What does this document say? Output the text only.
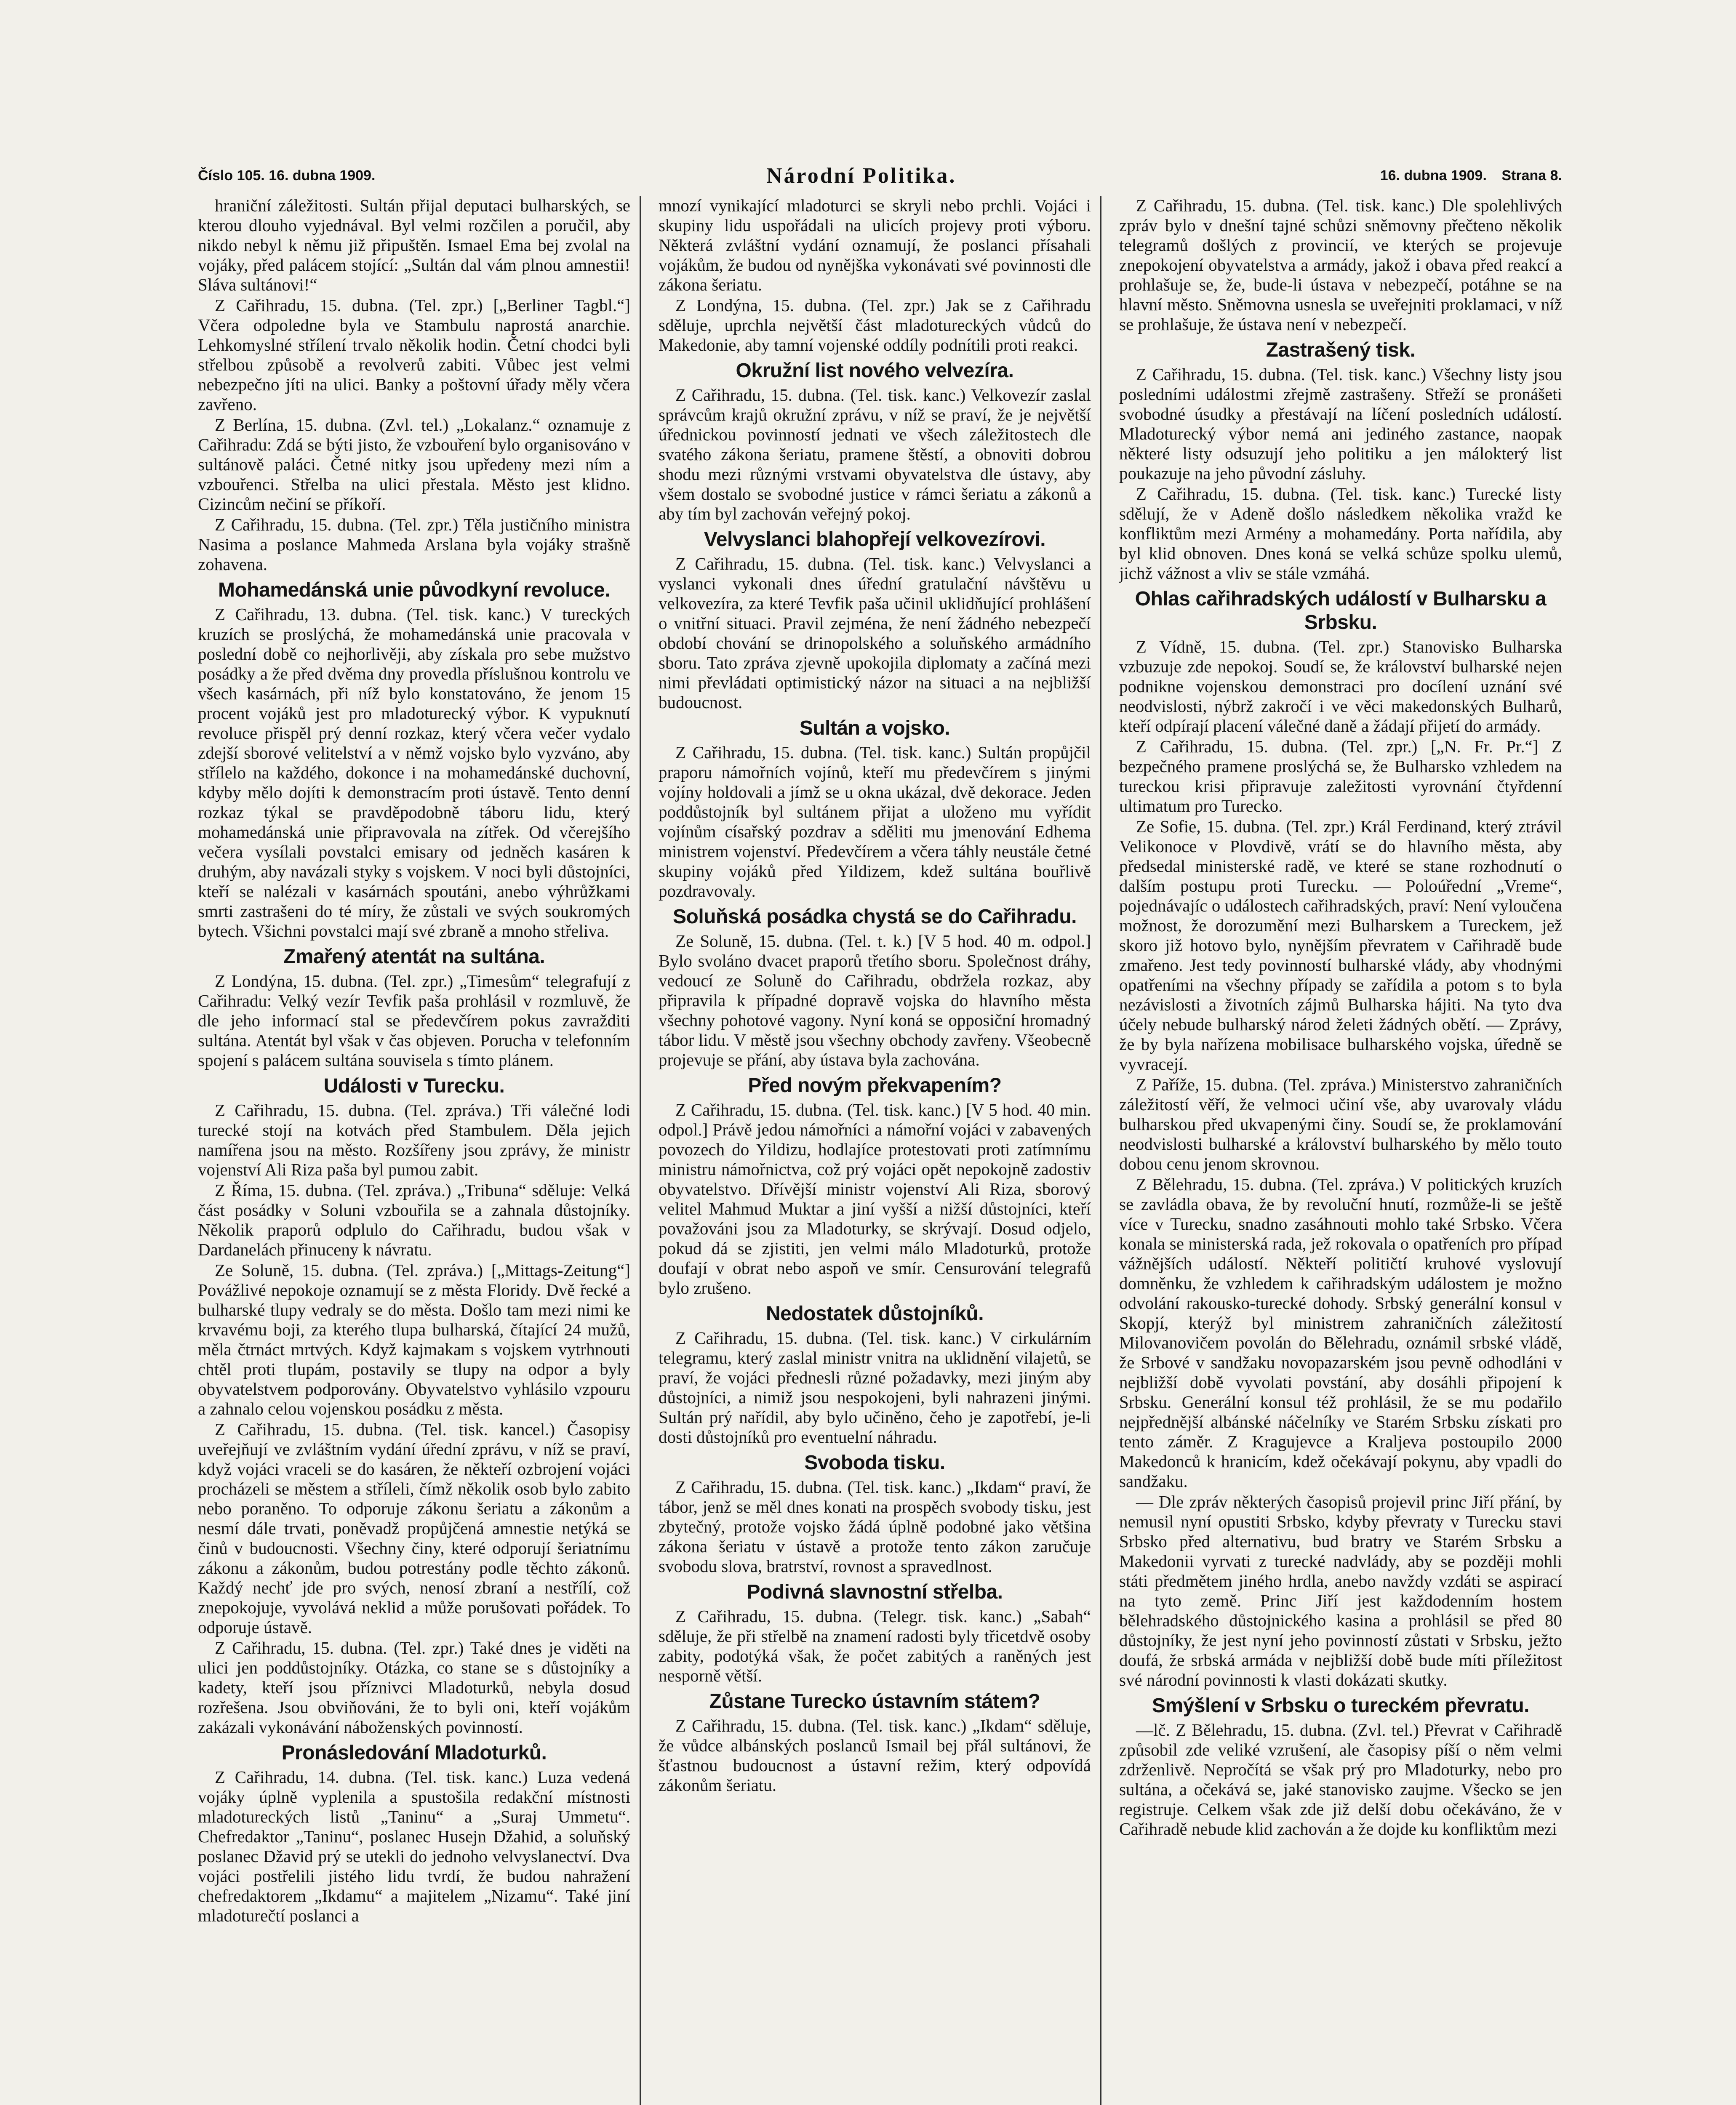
Číslo 105. 16. dubna 1909.	Národní Politika.	16. dubna 1909. Strana 8.

hraniční záležitosti. Sultán přijal deputaci bulharských, se kterou dlouho vyjednával. Byl velmi rozčilen a poručil, aby nikdo nebyl k němu již připuštěn. Ismael Ema bej zvolal na vojáky, před palácem stojící: „Sultán dal vám plnou amnestii! Sláva sultánovi!“

Z Cařihradu, 15. dubna. (Tel. zpr.) [„Berliner Tagbl.“] Včera odpoledne byla ve Stambulu naprostá anarchie. Lehkomyslné střílení trvalo několik hodin. Četní chodci byli střelbou způsobě a revolverů zabiti. Vůbec jest velmi nebezpečno jíti na ulici. Banky a poštovní úřady měly včera zavřeno.

Z Berlína, 15. dubna. (Zvl. tel.) „Lokalanz.“ oznamuje z Cařihradu: Zdá se býti jisto, že vzbouření bylo organisováno v sultánově paláci. Četné nitky jsou upředeny mezi ním a vzbouřenci. Střelba na ulici přestala. Město jest klidno. Cizincům nečiní se příkoří.

Z Cařihradu, 15. dubna. (Tel. zpr.) Těla justičního ministra Nasima a poslance Mahmeda Arslana byla vojáky strašně zohavena.

Mohamedánská unie původkyní revoluce.

Z Cařihradu, 13. dubna. (Tel. tisk. kanc.) V tureckých kruzích se proslýchá, že mohamedánská unie pracovala v poslední době co nejhorlivěji, aby získala pro sebe mužstvo posádky a že před dvěma dny provedla příslušnou kontrolu ve všech kasárnách, při níž bylo konstatováno, že jenom 15 procent vojáků jest pro mladoturecký výbor. K vypuknutí revoluce přispěl prý denní rozkaz, který včera večer vydalo zdejší sborové velitelství a v němž vojsko bylo vyzváno, aby střílelo na každého, dokonce i na mohamedánské duchovní, kdyby mělo dojíti k demonstracím proti ústavě. Tento denní rozkaz týkal se pravděpodobně táboru lidu, který mohamedánská unie připravovala na zítřek. Od včerejšího večera vysílali povstalci emisary od jedněch kasáren k druhým, aby navázali styky s vojskem. V noci byli důstojníci, kteří se nalézali v kasárnách spoutáni, anebo výhrůžkami smrti zastrašeni do té míry, že zůstali ve svých soukromých bytech. Všichni povstalci mají své zbraně a mnoho střeliva.

Zmařený atentát na sultána.

Z Londýna, 15. dubna. (Tel. zpr.) „Timesům“ telegrafují z Cařihradu: Velký vezír Tevfik paša prohlásil v rozmluvě, že dle jeho informací stal se předevčírem pokus zavražditi sultána. Atentát byl však v čas objeven. Porucha v telefonním spojení s palácem sultána souvisela s tímto plánem.

Události v Turecku.

Z Cařihradu, 15. dubna. (Tel. zpráva.) Tři válečné lodi turecké stojí na kotvách před Stambulem. Děla jejich namířena jsou na město. Rozšířeny jsou zprávy, že ministr vojenství Ali Riza paša byl pumou zabit.

Z Říma, 15. dubna. (Tel. zpráva.) „Tribuna“ sděluje: Velká část posádky v Soluni vzbouřila se a zahnala důstojníky. Několik praporů odplulo do Cařihradu, budou však v Dardanelách přinuceny k návratu.

Ze Soluně, 15. dubna. (Tel. zpráva.) [„Mittags-Zeitung“] Povážlivé nepokoje oznamují se z města Floridy. Dvě řecké a bulharské tlupy vedraly se do města. Došlo tam mezi nimi ke krvavému boji, za kterého tlupa bulharská, čítající 24 mužů, měla čtrnáct mrtvých. Když kajmakam s vojskem vytrhnouti chtěl proti tlupám, postavily se tlupy na odpor a byly obyvatelstvem podporovány. Obyvatelstvo vyhlásilo vzpouru a zahnalo celou vojenskou posádku z města.

Z Cařihradu, 15. dubna. (Tel. tisk. kancel.) Časopisy uveřejňují ve zvláštním vydání úřední zprávu, v níž se praví, když vojáci vraceli se do kasáren, že někteří ozbrojení vojáci procházeli se městem a stříleli, čímž několik osob bylo zabito nebo poraněno. To odporuje zákonu šeriatu a zákonům a nesmí dále trvati, poněvadž propůjčená amnestie netýká se činů v budoucnosti. Všechny činy, které odporují šeriatnímu zákonu a zákonům, budou potrestány podle těchto zákonů. Každý nechť jde pro svých, nenosí zbraní a nestřílí, což znepokojuje, vyvolává neklid a může porušovati pořádek. To odporuje ústavě.

Z Cařihradu, 15. dubna. (Tel. zpr.) Také dnes je viděti na ulici jen poddůstojníky. Otázka, co stane se s důstojníky a kadety, kteří jsou příznivci Mladoturků, nebyla dosud rozřešena. Jsou obviňováni, že to byli oni, kteří vojákům zakázali vykonávání náboženských povinností.

Pronásledování Mladoturků.

Z Cařihradu, 14. dubna. (Tel. tisk. kanc.) Luza vedená vojáky úplně vyplenila a spustošila redakční místnosti mladotureckých listů „Taninu“ a „Suraj Ummetu“. Chefredaktor „Taninu“, poslanec Husejn Džahid, a soluňský poslanec Džavid prý se utekli do jednoho velvyslanectví. Dva vojáci postřelili jistého lidu tvrdí, že budou nahražení chefredaktorem „Ikdamu“ a majitelem „Nizamu“. Také jiní mladoturečtí poslanci a

mnozí vynikající mladoturci se skryli nebo prchli. Vojáci i skupiny lidu uspořádali na ulicích projevy proti výboru. Některá zvláštní vydání oznamují, že poslanci přísahali vojákům, že budou od nynějška vykonávati své povinnosti dle zákona šeriatu.

Z Londýna, 15. dubna. (Tel. zpr.) Jak se z Cařihradu sděluje, uprchla největší část mladotureckých vůdců do Makedonie, aby tamní vojenské oddíly podnítili proti reakci.

Okružní list nového velvezíra.

Z Cařihradu, 15. dubna. (Tel. tisk. kanc.) Velkovezír zaslal správcům krajů okružní zprávu, v níž se praví, že je největší úřednickou povinností jednati ve všech záležitostech dle svatého zákona šeriatu, pramene štěstí, a obnoviti dobrou shodu mezi různými vrstvami obyvatelstva dle ústavy, aby všem dostalo se svobodné justice v rámci šeriatu a zákonů a aby tím byl zachován veřejný pokoj.

Velvyslanci blahopřejí velkovezírovi.

Z Cařihradu, 15. dubna. (Tel. tisk. kanc.) Velvyslanci a vyslanci vykonali dnes úřední gratulační návštěvu u velkovezíra, za které Tevfik paša učinil uklidňující prohlášení o vnitřní situaci. Pravil zejména, že není žádného nebezpečí období chování se drinopolského a soluňského armádního sboru. Tato zpráva zjevně upokojila diplomaty a začíná mezi nimi převládati optimistický názor na situaci a na nejbližší budoucnost.

Sultán a vojsko.

Z Cařihradu, 15. dubna. (Tel. tisk. kanc.) Sultán propůjčil praporu námořních vojínů, kteří mu předevčírem s jinými vojíny holdovali a jímž se u okna ukázal, dvě dekorace. Jeden poddůstojník byl sultánem přijat a uloženo mu vyřídit vojínům císařský pozdrav a sděliti mu jmenování Edhema ministrem vojenství. Předevčírem a včera táhly neustále četné skupiny vojáků před Yildizem, kdež sultána bouřlivě pozdravovaly.

Soluňská posádka chystá se do Cařihradu.

Ze Soluně, 15. dubna. (Tel. t. k.) [V 5 hod. 40 m. odpol.] Bylo svoláno dvacet praporů třetího sboru. Společnost dráhy, vedoucí ze Soluně do Cařihradu, obdržela rozkaz, aby připravila k případné dopravě vojska do hlavního města všechny pohotové vagony. Nyní koná se opposiční hromadný tábor lidu. V městě jsou všechny obchody zavřeny. Všeobecně projevuje se přání, aby ústava byla zachována.

Před novým překvapením?

Z Cařihradu, 15. dubna. (Tel. tisk. kanc.) [V 5 hod. 40 min. odpol.] Právě jedou námořníci a námořní vojáci v zabavených povozech do Yildizu, hodlajíce protestovati proti zatímnímu ministru námořnictva, což prý vojáci opět nepokojně zadostiv obyvatelstvo. Dřívější ministr vojenství Ali Riza, sborový velitel Mahmud Muktar a jiní vyšší a nižší důstojníci, kteří považováni jsou za Mladoturky, se skrývají. Dosud odjelo, pokud dá se zjistiti, jen velmi málo Mladoturků, protože doufají v obrat nebo aspoň ve smír. Censurování telegrafů bylo zrušeno.

Nedostatek důstojníků.

Z Cařihradu, 15. dubna. (Tel. tisk. kanc.) V cirkulárním telegramu, který zaslal ministr vnitra na uklidnění vilajetů, se praví, že vojáci přednesli různé požadavky, mezi jiným aby důstojníci, a nimiž jsou nespokojeni, byli nahrazeni jinými. Sultán prý nařídil, aby bylo učiněno, čeho je zapotřebí, je-li dosti důstojníků pro eventuelní náhradu.

Svoboda tisku.

Z Cařihradu, 15. dubna. (Tel. tisk. kanc.) „Ikdam“ praví, že tábor, jenž se měl dnes konati na prospěch svobody tisku, jest zbytečný, protože vojsko žádá úplně podobné jako většina zákona šeriatu v ústavě a protože tento zákon zaručuje svobodu slova, bratrství, rovnost a spravedlnost.

Podivná slavnostní střelba.

Z Cařihradu, 15. dubna. (Telegr. tisk. kanc.) „Sabah“ sděluje, že při střelbě na znamení radosti byly třicetdvě osoby zabity, podotýká však, že počet zabitých a raněných jest nesporně větší.

Zůstane Turecko ústavním státem?

Z Cařihradu, 15. dubna. (Tel. tisk. kanc.) „Ikdam“ sděluje, že vůdce albánských poslanců Ismail bej přál sultánovi, že šťastnou budoucnost a ústavní režim, který odpovídá zákonům šeriatu.

Z Cařihradu, 15. dubna. (Tel. tisk. kanc.) Dle spolehlivých zpráv bylo v dnešní tajné schůzi sněmovny přečteno několik telegramů došlých z provincií, ve kterých se projevuje znepokojení obyvatelstva a armády, jakož i obava před reakcí a prohlašuje se, že, bude-li ústava v nebezpečí, potáhne se na hlavní město. Sněmovna usnesla se uveřejniti proklamaci, v níž se prohlašuje, že ústava není v nebezpečí.

Zastrašený tisk.

Z Cařihradu, 15. dubna. (Tel. tisk. kanc.) Všechny listy jsou posledními událostmi zřejmě zastrašeny. Střeží se pronášeti svobodné úsudky a přestávají na líčení posledních událostí. Mladoturecký výbor nemá ani jediného zastance, naopak některé listy odsuzují jeho politiku a jen málokterý list poukazuje na jeho původní zásluhy.

Z Cařihradu, 15. dubna. (Tel. tisk. kanc.) Turecké listy sdělují, že v Adeně došlo následkem několika vražd ke konfliktům mezi Armény a mohamedány. Porta nařídila, aby byl klid obnoven. Dnes koná se velká schůze spolku ulemů, jichž vážnost a vliv se stále vzmáhá.

Ohlas cařihradských událostí v Bulharsku a Srbsku.

Z Vídně, 15. dubna. (Tel. zpr.) Stanovisko Bulharska vzbuzuje zde nepokoj. Soudí se, že království bulharské nejen podnikne vojenskou demonstraci pro docílení uznání své neodvislosti, nýbrž zakročí i ve věci makedonských Bulharů, kteří odpírají placení válečné daně a žádají přijetí do armády.

Z Cařihradu, 15. dubna. (Tel. zpr.) [„N. Fr. Pr.“] Z bezpečného pramene proslýchá se, že Bulharsko vzhledem na tureckou krisi připravuje zaležitosti vyrovnání čtyřdenní ultimatum pro Turecko.

Ze Sofie, 15. dubna. (Tel. zpr.) Král Ferdinand, který ztrávil Velikonoce v Plovdivě, vrátí se do hlavního města, aby předsedal ministerské radě, ve které se stane rozhodnutí o dalším postupu proti Turecku. — Poloúřední „Vreme“, pojednávajíc o událostech cařihradských, praví: Není vyloučena možnost, že dorozumění mezi Bulharskem a Tureckem, jež skoro již hotovo bylo, nynějším převratem v Cařihradě bude zmařeno. Jest tedy povinností bulharské vlády, aby vhodnými opatřeními na všechny případy se zařídila a potom s to byla nezávislosti a životních zájmů Bulharska hájiti. Na tyto dva účely nebude bulharský národ želeti žádných obětí. — Zprávy, že by byla nařízena mobilisace bulharského vojska, úředně se vyvracejí.

Z Paříže, 15. dubna. (Tel. zpráva.) Ministerstvo zahraničních záležitostí věří, že velmoci učiní vše, aby uvarovaly vládu bulharskou před ukvapenými činy. Soudí se, že proklamování neodvislosti bulharské a království bulharského by mělo touto dobou cenu jenom skrovnou.

Z Bělehradu, 15. dubna. (Tel. zpráva.) V politických kruzích se zavládla obava, že by revoluční hnutí, rozmůže-li se ještě více v Turecku, snadno zasáhnouti mohlo také Srbsko. Včera konala se ministerská rada, jež rokovala o opatřeních pro případ vážnějších událostí. Někteří političtí kruhové vyslovují domněnku, že vzhledem k cařihradským událostem je možno odvolání rakousko-turecké dohody. Srbský generální konsul v Skopjí, kterýž byl ministrem zahraničních záležitostí Milovanovičem povolán do Bělehradu, oznámil srbské vládě, že Srbové v sandžaku novopazarském jsou pevně odhodláni v nejbližší době vyvolati povstání, aby dosáhli připojení k Srbsku. Generální konsul též prohlásil, že se mu podařilo nejpřednější albánské náčelníky ve Starém Srbsku získati pro tento záměr. Z Kragujevce a Kraljeva postoupilo 2000 Makedonců k hranicím, kdež očekávají pokynu, aby vpadli do sandžaku.

— Dle zpráv některých časopisů projevil princ Jiří přání, by nemusil nyní opustiti Srbsko, kdyby převraty v Turecku stavi Srbsko před alternativu, bud bratry ve Starém Srbsku a Makedonii vyrvati z turecké nadvlády, aby se později mohli státi předmětem jiného hrdla, anebo navždy vzdáti se aspirací na tyto země. Princ Jiří jest každodenním hostem bělehradského důstojnického kasina a prohlásil se před 80 důstojníky, že jest nyní jeho povinností zůstati v Srbsku, ježto doufá, že srbská armáda v nejbližší době bude míti příležitost své národní povinnosti k vlasti dokázati skutky.

Smýšlení v Srbsku o tureckém převratu.

—lč. Z Bělehradu, 15. dubna. (Zvl. tel.) Převrat v Cařihradě způsobil zde veliké vzrušení, ale časopisy píší o něm velmi zdrženlivě. Nepročítá se však prý pro Mladoturky, nebo pro sultána, a očekává se, jaké stanovisko zaujme. Všecko se jen registruje. Celkem však zde již delší dobu očekáváno, že v Cařihradě nebude klid zachován a že dojde ku konfliktům mezi
